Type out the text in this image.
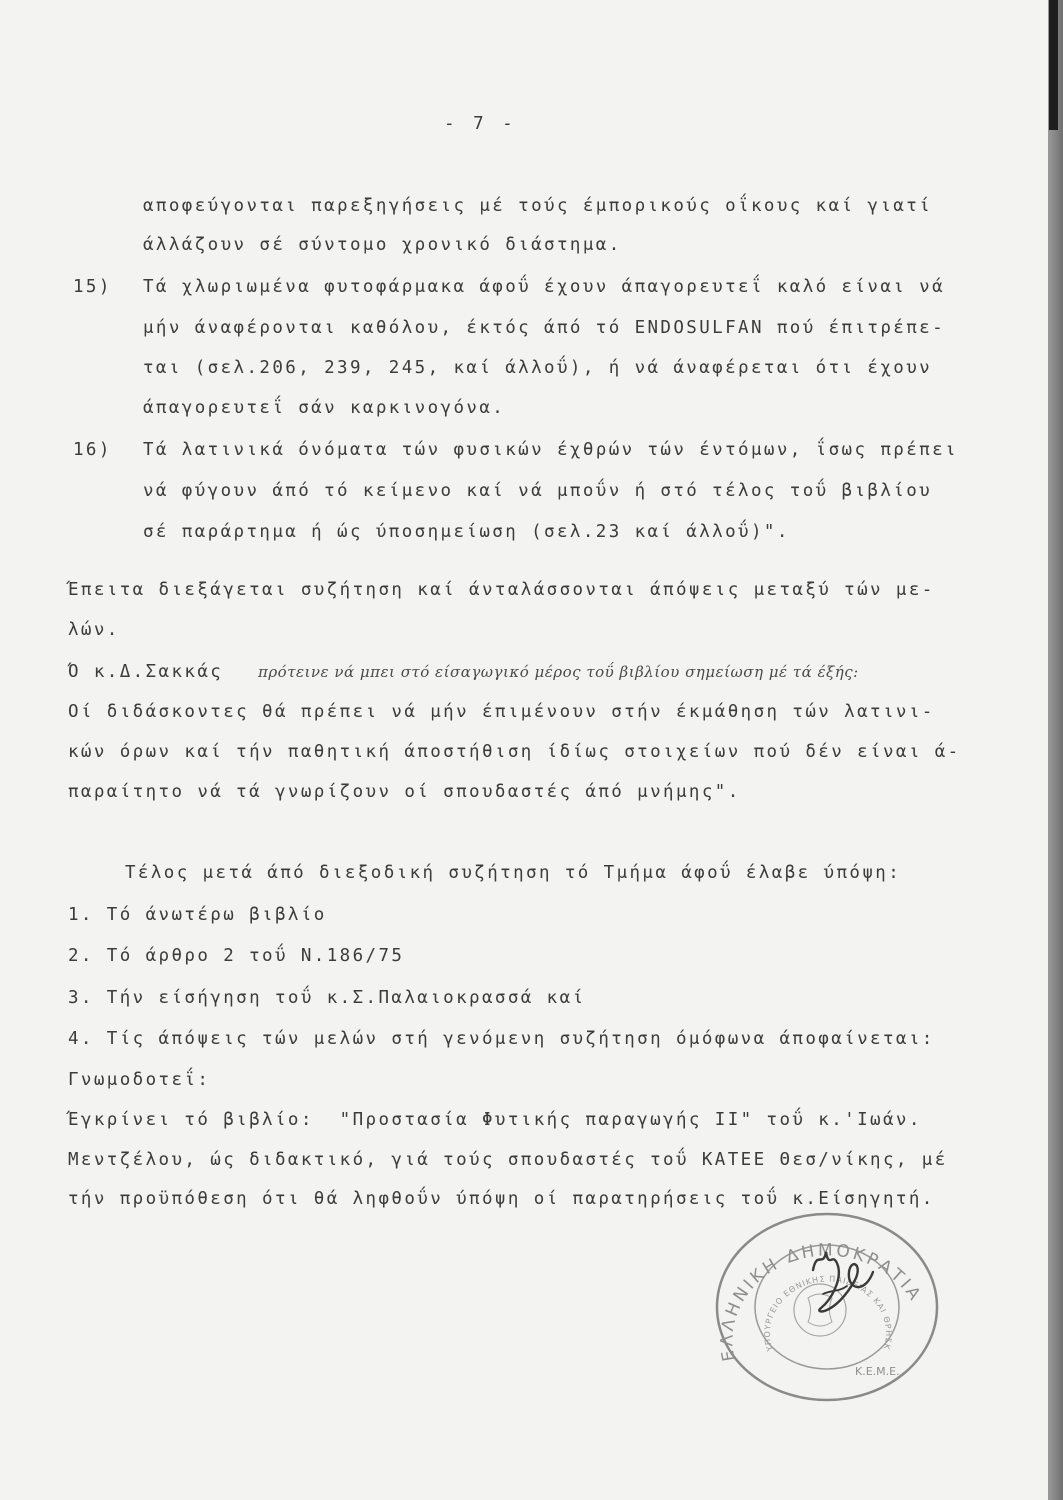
- 7 -
αποφεύγονται παρεξηγήσεις μέ τούς έμπορικούς οΐκους καί γιατί
άλλάζουν σέ σύντομο χρονικό διάστημα.
15) Τά χλωριωμένα φυτοφάρμακα άφοΰ έχουν άπαγορευτεΐ καλό είναι νά
μήν άναφέρονται καθόλου, έκτός άπό τό ENDOSULFAN πού έπιτρέπε-
ται (σελ.206, 239, 245, καί άλλοΰ), ή νά άναφέρεται ότι έχουν
άπαγορευτεΐ σάν καρκινογόνα.
16) Τά λατινικά όνόματα τών φυσικών έχθρών τών έντόμων, ΐσως πρέπει
νά φύγουν άπό τό κείμενο καί νά μποΰν ή στό τέλος τοΰ βιβλίου
σέ παράρτημα ή ώς ύποσημείωση (σελ.23 καί άλλοΰ)".
Έπειτα διεξάγεται συζήτηση καί άνταλάσσονται άπόψεις μεταξύ τών με-
λών.
Ό κ.Δ.Σακκάς πρότεινε νά μπει στό είσαγωγικό μέρος τοΰ βιβλίου σημείωση μέ τά έξής:
Οί διδάσκοντες θά πρέπει νά μήν έπιμένουν στήν έκμάθηση τών λατινι-
κών όρων καί τήν παθητική άποστήθιση ίδίως στοιχείων πού δέν είναι ά-
παραίτητο νά τά γνωρίζουν οί σπουδαστές άπό μνήμης".
Τέλος μετά άπό διεξοδική συζήτηση τό Τμήμα άφοΰ έλαβε ύπόψη:
1. Τό άνωτέρω βιβλίο
2. Τό άρθρο 2 τοΰ Ν.186/75
3. Τήν είσήγηση τοΰ κ.Σ.Παλαιοκρασσά καί
4. Τίς άπόψεις τών μελών στή γενόμενη συζήτηση όμόφωνα άποφαίνεται:
Γνωμοδοτεΐ:
Έγκρίνει τό βιβλίο:  "Προστασία Φυτικής παραγωγής ΙΙ" τοΰ κ.'Ιωάν.
Μεντζέλου, ώς διδακτικό, γιά τούς σπουδαστές τοΰ ΚΑΤΕΕ Θεσ/νίκης, μέ
τήν προϋπόθεση ότι θά ληφθοΰν ύπόψη οί παρατηρήσεις τοΰ κ.Είσηγητή.
ΕΛΛΗΝΙΚΗ ΔΗΜΟΚΡΑΤΙΑ
ΥΠΟΥΡΓΕΙΟ ΕΘΝΙΚΗΣ ΠΑΙΔΕΙΑΣ ΚΑΙ ΘΡΗΣΚ
Κ.Ε.Μ.Ε.
